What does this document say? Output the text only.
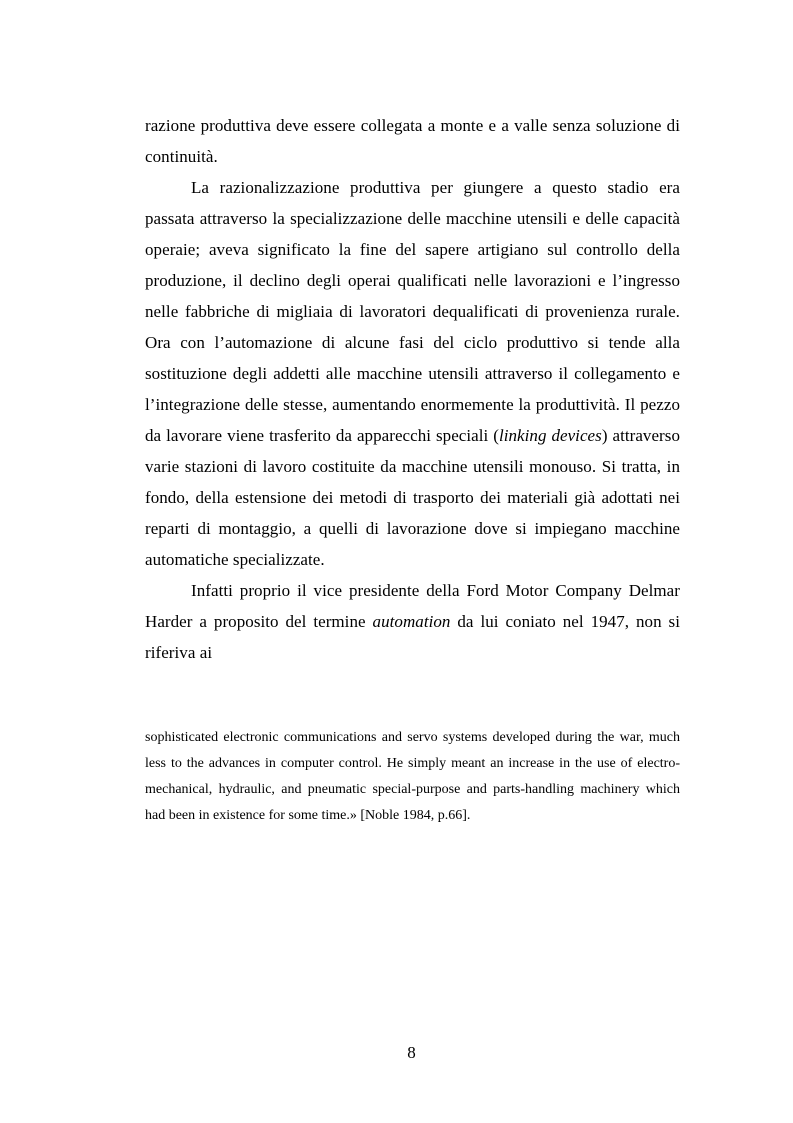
razione produttiva deve essere collegata a monte e a valle senza soluzione di continuità.

La razionalizzazione produttiva per giungere a questo stadio era passata attraverso la specializzazione delle macchine utensili e delle capacità operaie; aveva significato la fine del sapere artigiano sul controllo della produzione, il declino degli operai qualificati nelle lavorazioni e l’ingresso nelle fabbriche di migliaia di lavoratori dequalificati di provenienza rurale. Ora con l’automazione di alcune fasi del ciclo produttivo si tende alla sostituzione degli addetti alle macchine utensili attraverso il collegamento e l’integrazione delle stesse, aumentando enormemente la produttività. Il pezzo da lavorare viene trasferito da apparecchi speciali (linking devices) attraverso varie stazioni di lavoro costituite da macchine utensili monouso. Si tratta, in fondo, della estensione dei metodi di trasporto dei materiali già adottati nei reparti di montaggio, a quelli di lavorazione dove si impiegano macchine automatiche specializzate.

Infatti proprio il vice presidente della Ford Motor Company Delmar Harder a proposito del termine automation da lui coniato nel 1947, non si riferiva ai

sophisticated electronic communications and servo systems developed during the war, much less to the advances in computer control. He simply meant an increase in the use of electro-mechanical, hydraulic, and pneumatic special-purpose and parts-handling machinery which had been in existence for some time.» [Noble 1984, p.66].

8
